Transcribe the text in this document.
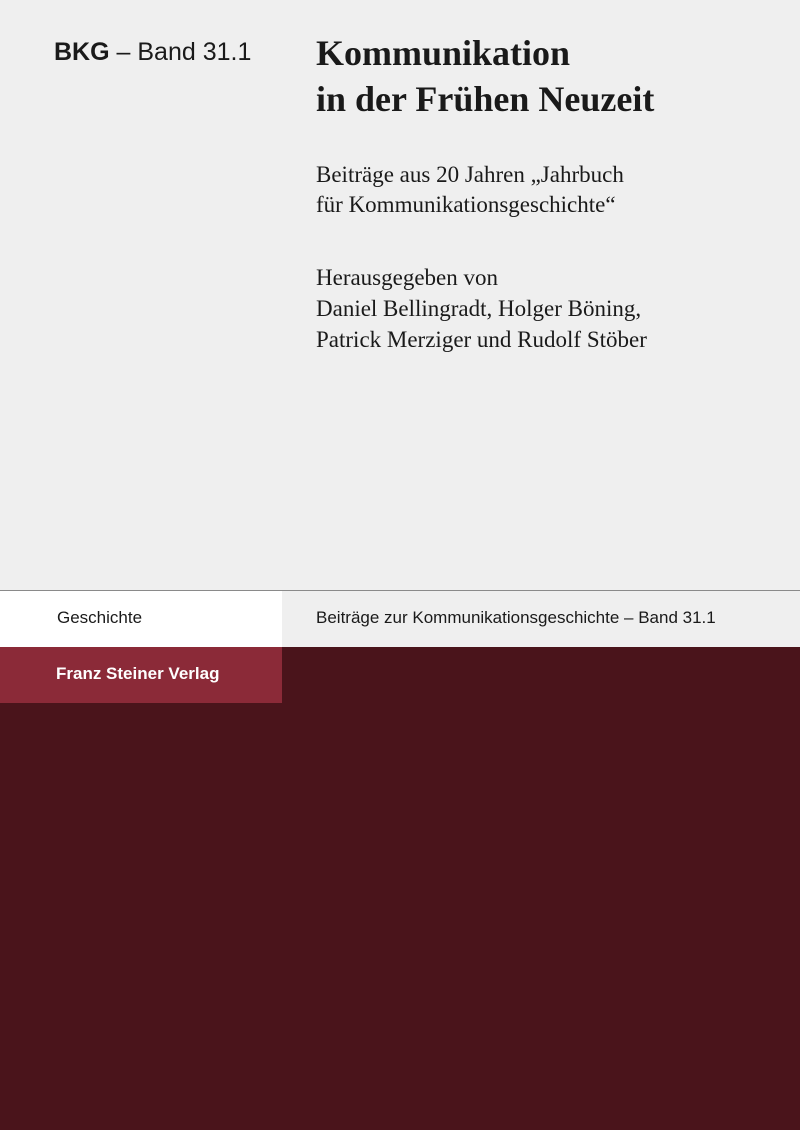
BKG – Band 31.1 Kommunikation
in der Frühen Neuzeit
Beiträge aus 20 Jahren „Jahrbuch
für Kommunikationsgeschichte“
Herausgegeben von
Daniel Bellingradt, Holger Böning,
Patrick Merziger und Rudolf Stöber
Geschichte	Beiträge zur Kommunikationsgeschichte – Band 31.1
Franz Steiner Verlag
